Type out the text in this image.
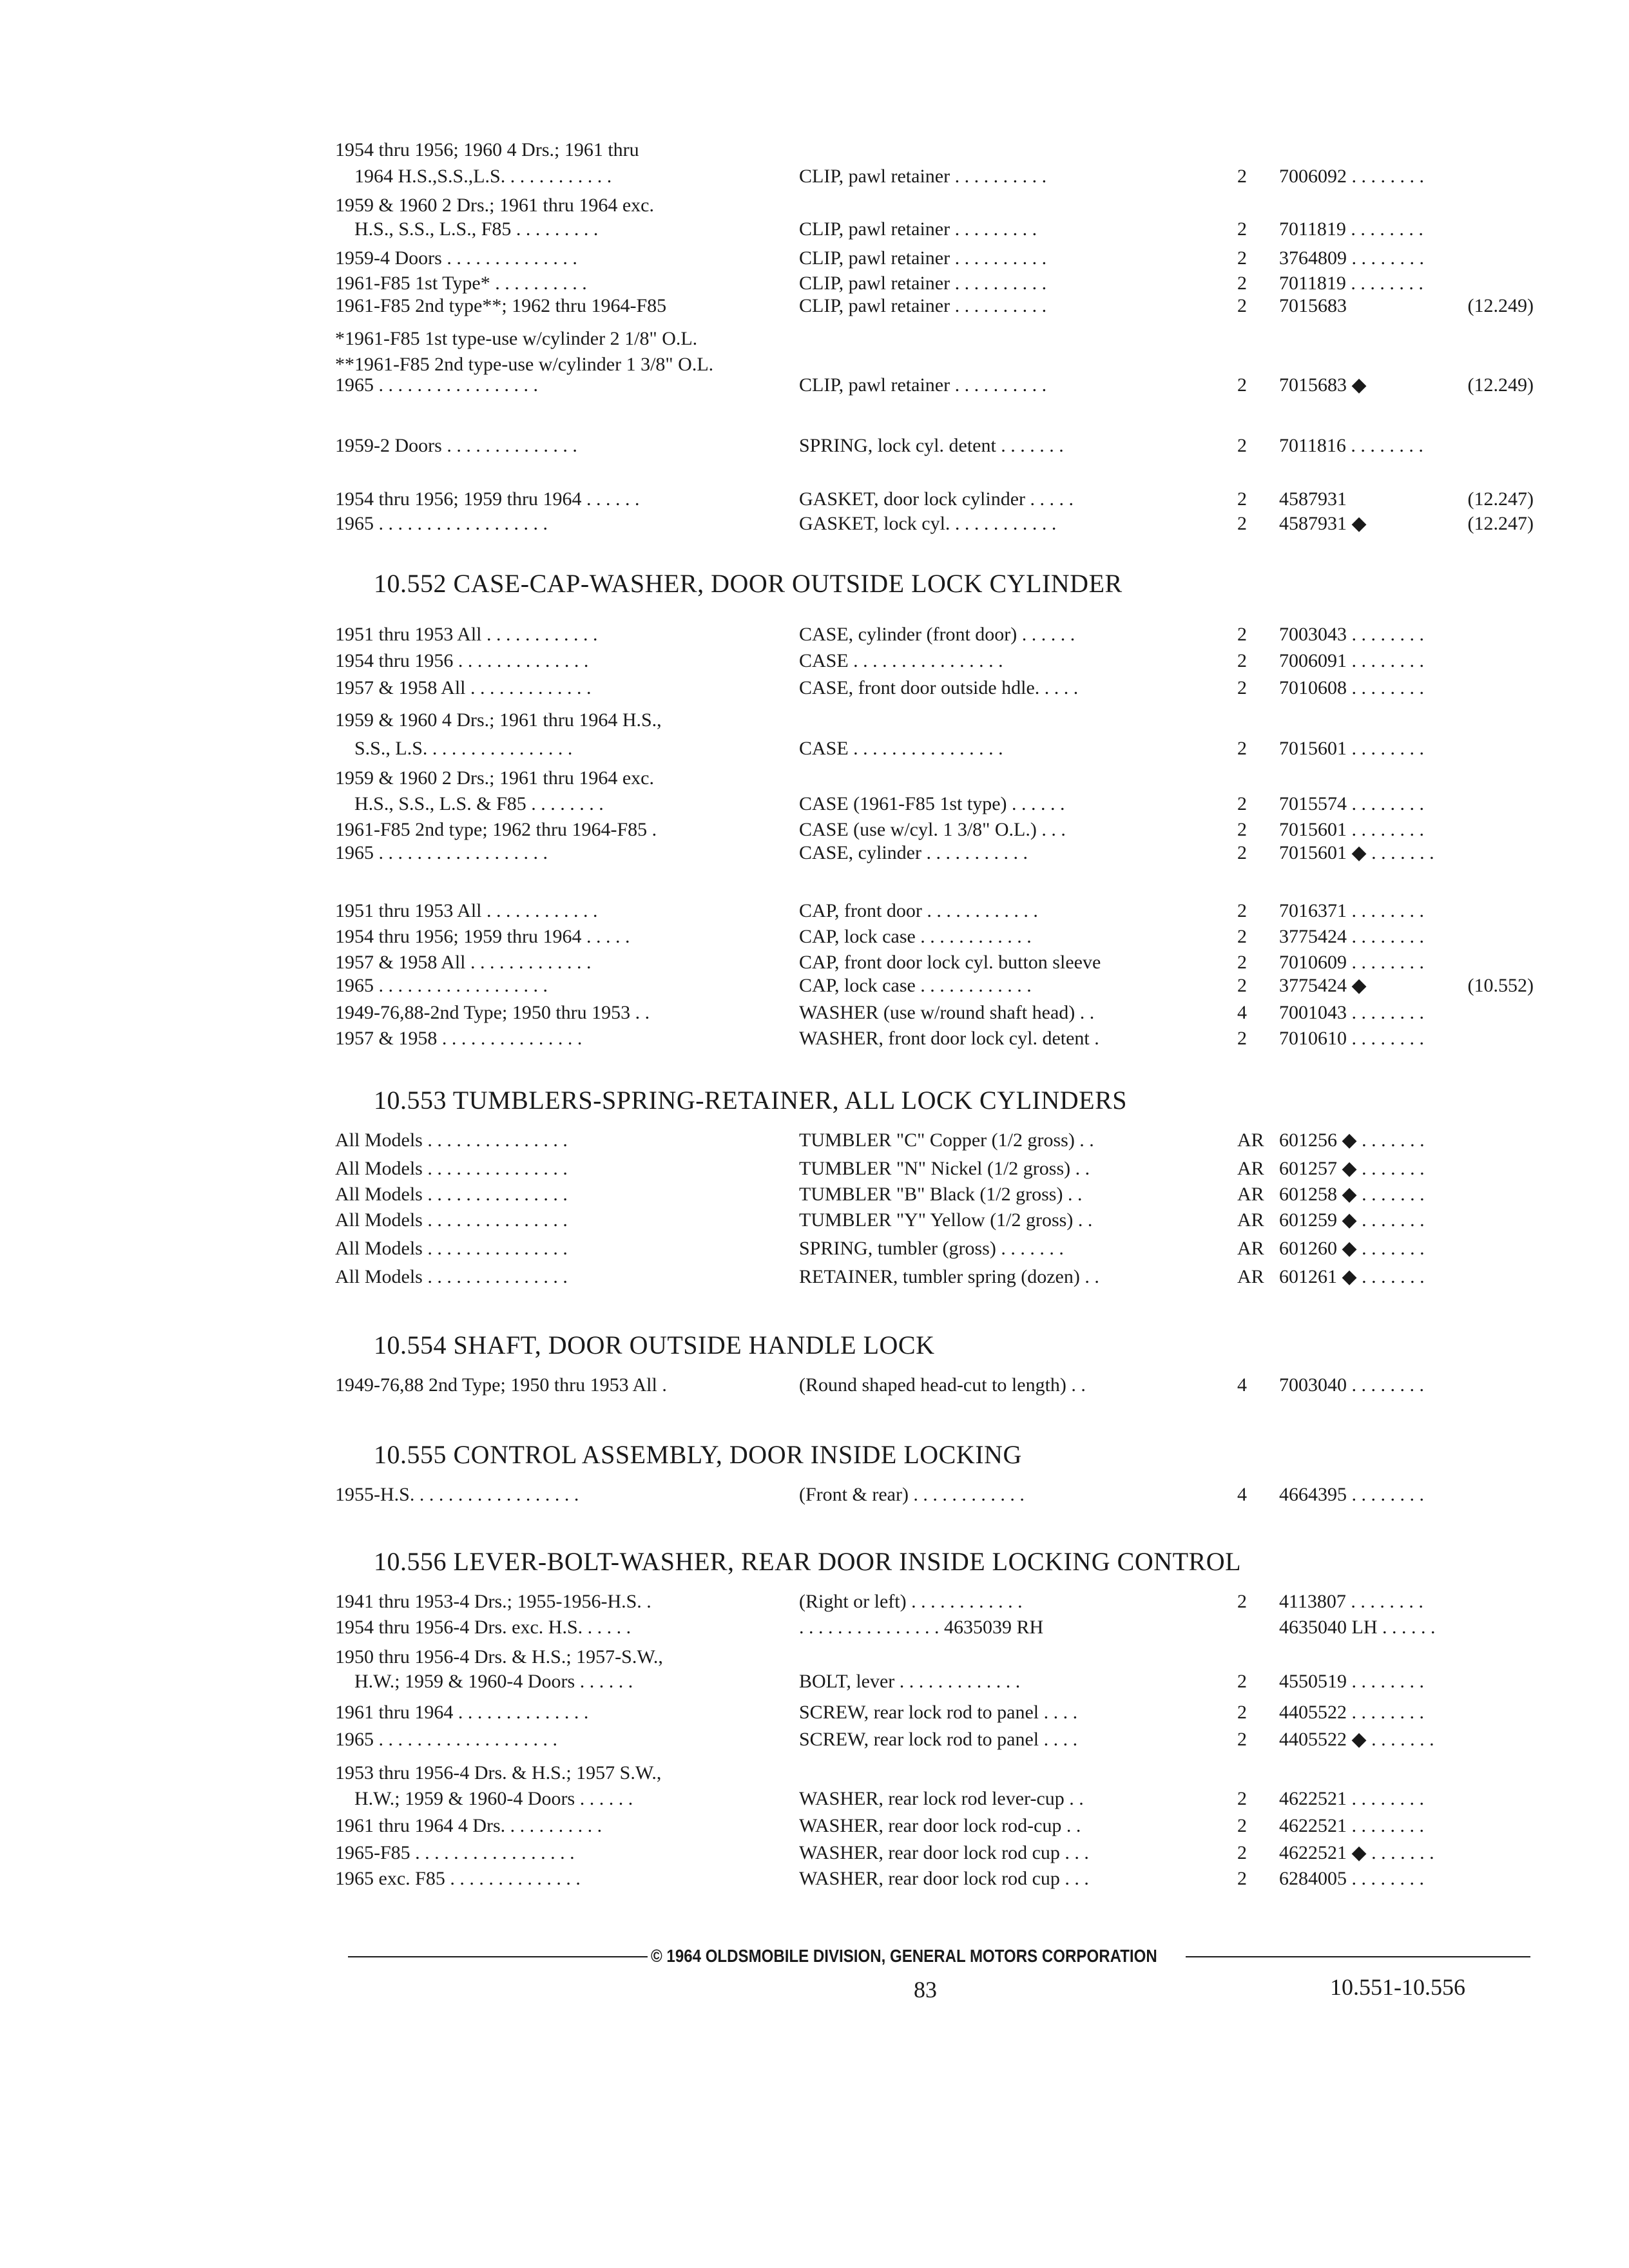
1954 thru 1956; 1960 4 Drs.; 1961 thru
1964 H.S.,S.S.,L.S. . . . . . . . . . . .	CLIP, pawl retainer . . . . . . . . . .	2	7006092 . . . . . . . .
1959 & 1960 2 Drs.; 1961 thru 1964 exc.
H.S., S.S., L.S., F85 . . . . . . . . .	CLIP, pawl retainer . . . . . . . . .	2	7011819 . . . . . . . .
1959-4 Doors . . . . . . . . . . . . . .	CLIP, pawl retainer . . . . . . . . . .	2	3764809 . . . . . . . .
1961-F85 1st Type* . . . . . . . . . .	CLIP, pawl retainer . . . . . . . . . .	2	7011819 . . . . . . . .
1961-F85 2nd type**; 1962 thru 1964-F85	CLIP, pawl retainer . . . . . . . . . .	2	7015683	(12.249)
*1961-F85 1st type-use w/cylinder 2 1/8" O.L.
**1961-F85 2nd type-use w/cylinder 1 3/8" O.L.
1965 . . . . . . . . . . . . . . . . .	CLIP, pawl retainer . . . . . . . . . .	2	7015683 ◆	(12.249)
1959-2 Doors . . . . . . . . . . . . . .	SPRING, lock cyl. detent . . . . . . .	2	7011816 . . . . . . . .
1954 thru 1956; 1959 thru 1964 . . . . . .	GASKET, door lock cylinder . . . . .	2	4587931	(12.247)
1965 . . . . . . . . . . . . . . . . . .	GASKET, lock cyl. . . . . . . . . . . .	2	4587931 ◆	(12.247)
10.552 CASE-CAP-WASHER, DOOR OUTSIDE LOCK CYLINDER
1951 thru 1953 All . . . . . . . . . . . .	CASE, cylinder (front door) . . . . . .	2	7003043 . . . . . . . .
1954 thru 1956 . . . . . . . . . . . . . .	CASE . . . . . . . . . . . . . . . .	2	7006091 . . . . . . . .
1957 & 1958 All . . . . . . . . . . . . .	CASE, front door outside hdle. . . . .	2	7010608 . . . . . . . .
1959 & 1960 4 Drs.; 1961 thru 1964 H.S.,
S.S., L.S. . . . . . . . . . . . . . . .	CASE . . . . . . . . . . . . . . . .	2	7015601 . . . . . . . .
1959 & 1960 2 Drs.; 1961 thru 1964 exc.
H.S., S.S., L.S. & F85 . . . . . . . .	CASE (1961-F85 1st type) . . . . . .	2	7015574 . . . . . . . .
1961-F85 2nd type; 1962 thru 1964-F85 .	CASE (use w/cyl. 1 3/8" O.L.) . . .	2	7015601 . . . . . . . .
1965 . . . . . . . . . . . . . . . . . .	CASE, cylinder . . . . . . . . . . .	2	7015601 ◆ . . . . . . .
1951 thru 1953 All . . . . . . . . . . . .	CAP, front door . . . . . . . . . . . .	2	7016371 . . . . . . . .
1954 thru 1956; 1959 thru 1964 . . . . .	CAP, lock case . . . . . . . . . . . .	2	3775424 . . . . . . . .
1957 & 1958 All . . . . . . . . . . . . .	CAP, front door lock cyl. button sleeve	2	7010609 . . . . . . . .
1965 . . . . . . . . . . . . . . . . . .	CAP, lock case . . . . . . . . . . . .	2	3775424 ◆	(10.552)
1949-76,88-2nd Type; 1950 thru 1953 . .	WASHER (use w/round shaft head) . .	4	7001043 . . . . . . . .
1957 & 1958 . . . . . . . . . . . . . . .	WASHER, front door lock cyl. detent .	2	7010610 . . . . . . . .
10.553 TUMBLERS-SPRING-RETAINER, ALL LOCK CYLINDERS
All Models . . . . . . . . . . . . . . .	TUMBLER "C" Copper (1/2 gross) . .	AR 601256 ◆ . . . . . . .
All Models . . . . . . . . . . . . . . .	TUMBLER "N" Nickel (1/2 gross) . .	AR 601257 ◆ . . . . . . .
All Models . . . . . . . . . . . . . . .	TUMBLER "B" Black (1/2 gross) . .	AR 601258 ◆ . . . . . . .
All Models . . . . . . . . . . . . . . .	TUMBLER "Y" Yellow (1/2 gross) . .	AR 601259 ◆ . . . . . . .
All Models . . . . . . . . . . . . . . .	SPRING, tumbler (gross) . . . . . . .	AR 601260 ◆ . . . . . . .
All Models . . . . . . . . . . . . . . .	RETAINER, tumbler spring (dozen) . .	AR 601261 ◆ . . . . . . .
10.554 SHAFT, DOOR OUTSIDE HANDLE LOCK
1949-76,88 2nd Type; 1950 thru 1953 All .	(Round shaped head-cut to length) . .	4	7003040 . . . . . . . .
10.555 CONTROL ASSEMBLY, DOOR INSIDE LOCKING
1955-H.S. . . . . . . . . . . . . . . . . .	(Front & rear) . . . . . . . . . . . .	4	4664395 . . . . . . . .
10.556 LEVER-BOLT-WASHER, REAR DOOR INSIDE LOCKING CONTROL
1941 thru 1953-4 Drs.; 1955-1956-H.S. .	(Right or left) . . . . . . . . . . . .	2	4113807 . . . . . . . .
1954 thru 1956-4 Drs. exc. H.S. . . . . .	. . . . . . . . . . . . . . . 4635039 RH	4635040 LH . . . . . .
1950 thru 1956-4 Drs. & H.S.; 1957-S.W.,
H.W.; 1959 & 1960-4 Doors . . . . . .	BOLT, lever . . . . . . . . . . . . .	2	4550519 . . . . . . . .
1961 thru 1964 . . . . . . . . . . . . . .	SCREW, rear lock rod to panel . . . .	2	4405522 . . . . . . . .
1965 . . . . . . . . . . . . . . . . . . .	SCREW, rear lock rod to panel . . . .	2	4405522 ◆ . . . . . . .
1953 thru 1956-4 Drs. & H.S.; 1957 S.W.,
H.W.; 1959 & 1960-4 Doors . . . . . .	WASHER, rear lock rod lever-cup . .	2	4622521 . . . . . . . .
1961 thru 1964 4 Drs. . . . . . . . . . .	WASHER, rear door lock rod-cup . .	2	4622521 . . . . . . . .
1965-F85 . . . . . . . . . . . . . . . . .	WASHER, rear door lock rod cup . . .	2	4622521 ◆ . . . . . . .
1965 exc. F85 . . . . . . . . . . . . . .	WASHER, rear door lock rod cup . . .	2	6284005 . . . . . . . .
© 1964 OLDSMOBILE DIVISION, GENERAL MOTORS CORPORATION
83	10.551-10.556
